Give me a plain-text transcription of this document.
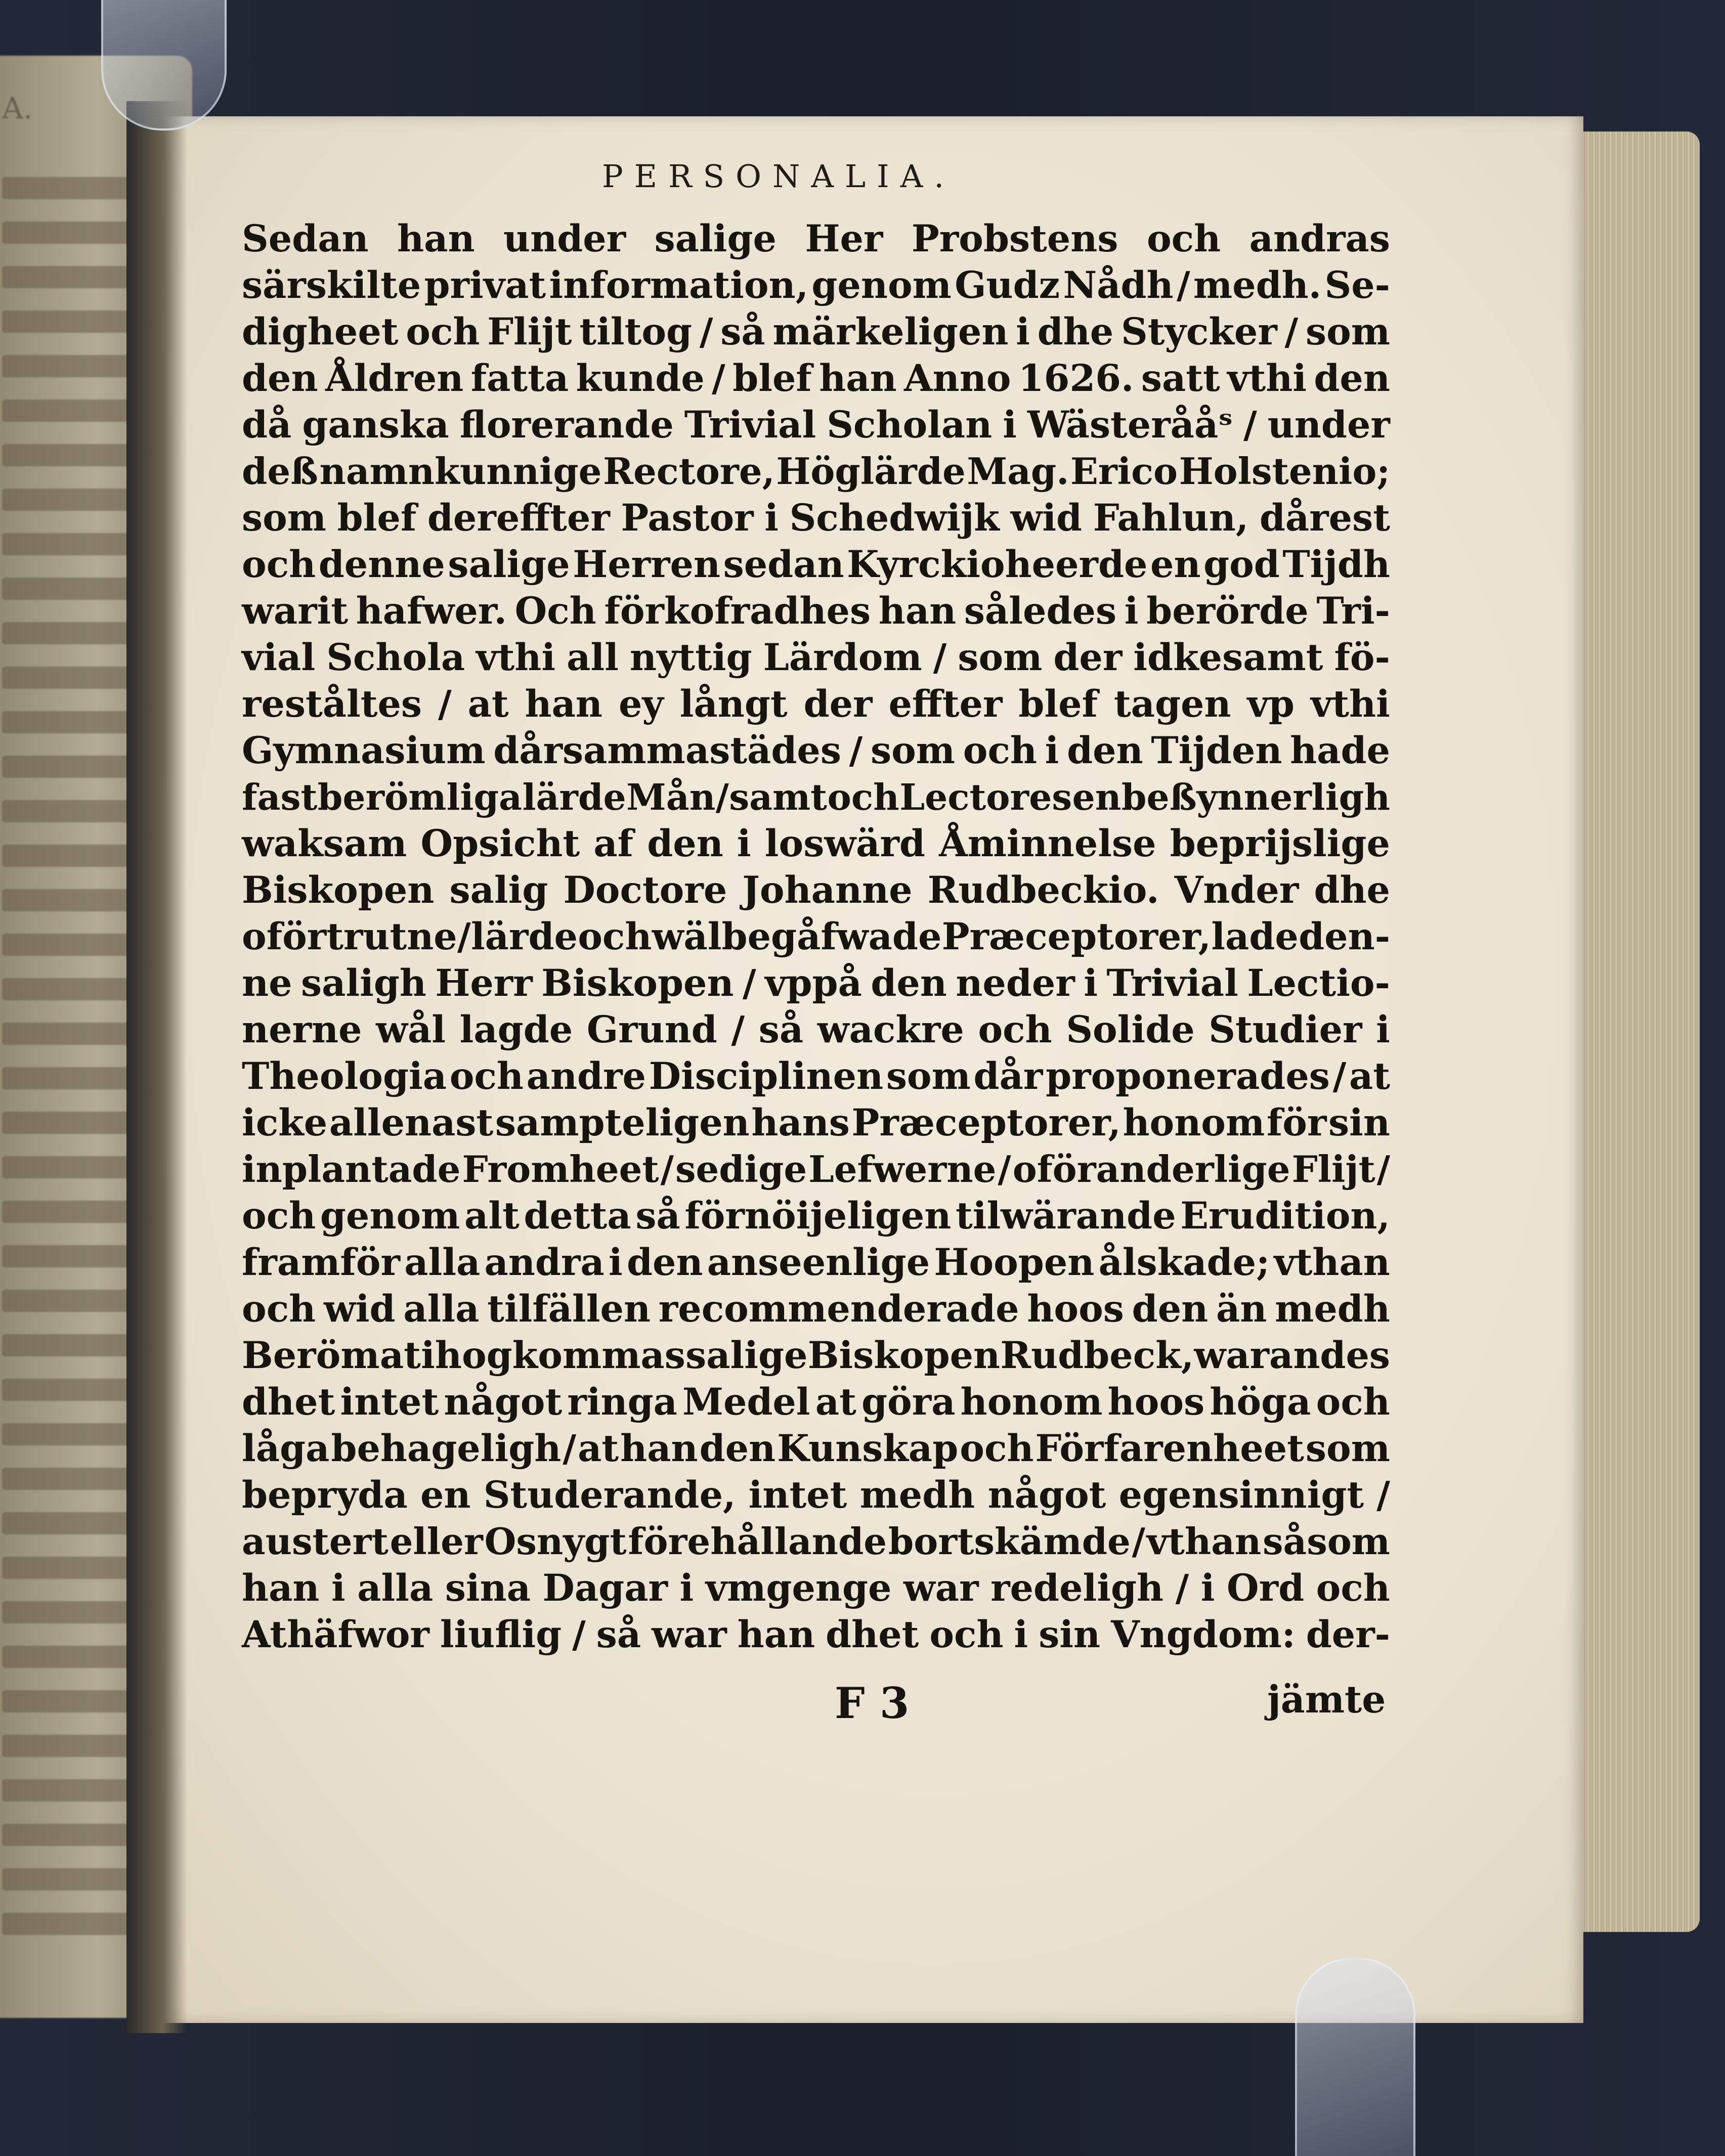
A.
PERSONALIA.
Sedan han under salige Her Probstens och andras
särskilte privat information, genom Gudz Nådh / medh. Se-
digheet och Flijt tiltog / så märkeligen i dhe Stycker / som
den Åldren fatta kunde / blef han Anno 1626. satt vthi den
då ganska florerande Trivial Scholan i Wästerååˢ / under
deß namnkunnige Rectore, Höglärde Mag. Erico Holstenio;
som blef dereffter Pastor i Schedwijk wid Fahlun, dårest
och denne salige Herren sedan Kyrckioheerde en god Tijdh
warit hafwer. Och förkofradhes han således i berörde Tri-
vial Schola vthi all nyttig Lärdom / som der idkesamt fö-
reståltes / at han ey långt der effter blef tagen vp vthi
Gymnasium dårsammastädes / som och i den Tijden hade
fast berömliga lärde Mån / samt och Lectores en beßynnerligh
waksam Opsicht af den i loswärd Åminnelse beprijslige
Biskopen salig Doctore Johanne Rudbeckio. Vnder dhe
oförtrutne / lärde och wälbegåfwade Præceptorer, lade den-
ne saligh Herr Biskopen / vppå den neder i Trivial Lectio-
nerne wål lagde Grund / så wackre och Solide Studier i
Theologia och andre Disciplinen som dår proponerades / at
icke allenast sampteligen hans Præceptorer, honom för sin
inplantade Fromheet / sedige Lefwerne / oföranderlige Flijt /
och genom alt detta så förnöijeligen tilwärande Erudition,
framför alla andra i den anseenlige Hoopen ålskade; vthan
och wid alla tilfällen recommenderade hoos den än medh
Beröm at ihogkommas salige Biskopen Rudbeck, warandes
dhet intet något ringa Medel at göra honom hoos höga och
låga behageligh / at han den Kunskap och Förfarenheet som
beprydа en Studerande, intet medh något egensinnigt /
austert eller Osnygt förehållande bortskämde / vthan såsom
han i alla sina Dagar i vmgenge war redeligh / i Ord och
Athäfwor liuflig / så war han dhet och i sin Vngdom: der-
F 3	jämte
